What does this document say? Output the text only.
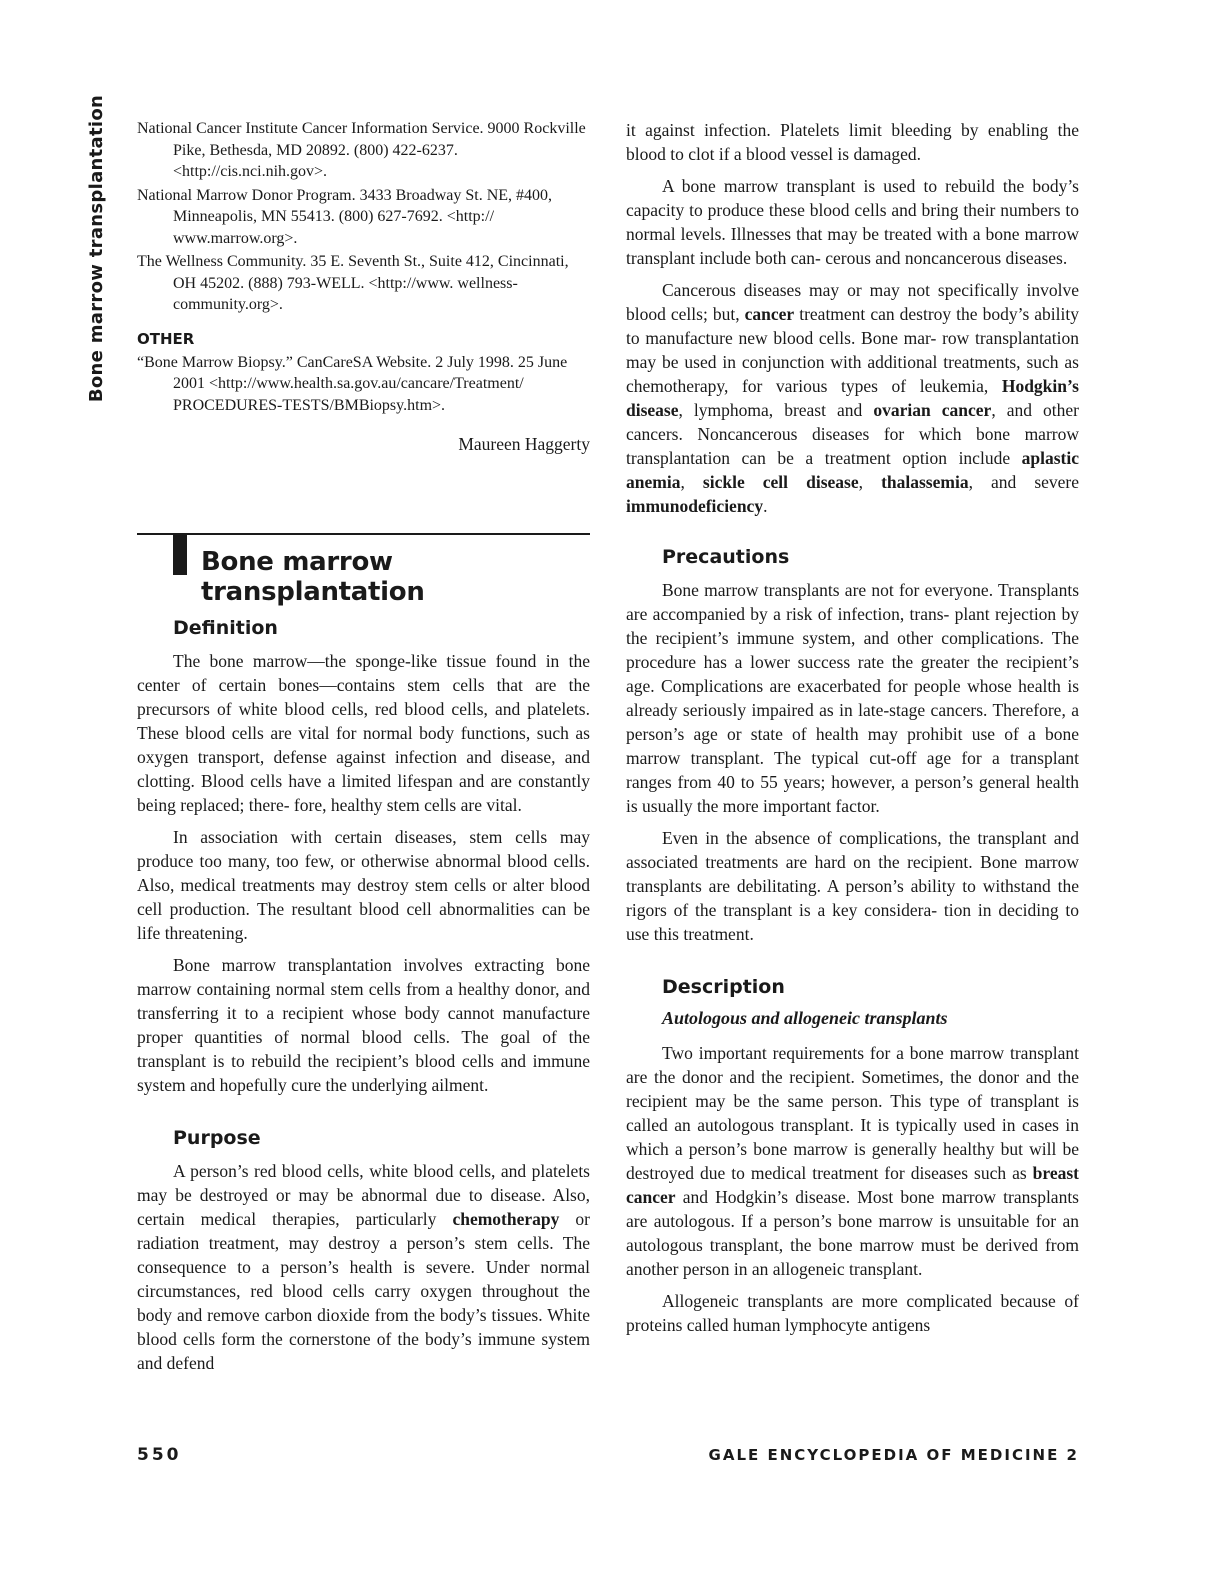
Bone marrow transplantation National Cancer Institute Cancer Information Service. 9000 Rockville Pike, Bethesda, MD 20892. (800) 422-6237. <http://cis.nci.nih.gov>.

National Marrow Donor Program. 3433 Broadway St. NE, #400, Minneapolis, MN 55413. (800) 627-7692. <http:// www.marrow.org>.

The Wellness Community. 35 E. Seventh St., Suite 412, Cincinnati, OH 45202. (888) 793-WELL. <http://www. wellness-community.org>.

OTHER

“Bone Marrow Biopsy.” CanCareSA Website. 2 July 1998. 25 June 2001 <http://www.health.sa.gov.au/cancare/Treatment/ PROCEDURES-TESTS/BMBiopsy.htm>.

Maureen Haggerty

Bone marrow transplantation
Definition

The bone marrow—the sponge-like tissue found in the center of certain bones—contains stem cells that are the precursors of white blood cells, red blood cells, and platelets. These blood cells are vital for normal body functions, such as oxygen transport, defense against infection and disease, and clotting. Blood cells have a limited lifespan and are constantly being replaced; there- fore, healthy stem cells are vital.

In association with certain diseases, stem cells may produce too many, too few, or otherwise abnormal blood cells. Also, medical treatments may destroy stem cells or alter blood cell production. The resultant blood cell abnormalities can be life threatening.

Bone marrow transplantation involves extracting bone marrow containing normal stem cells from a healthy donor, and transferring it to a recipient whose body cannot manufacture proper quantities of normal blood cells. The goal of the transplant is to rebuild the recipient’s blood cells and immune system and hopefully cure the underlying ailment.

Purpose

A person’s red blood cells, white blood cells, and platelets may be destroyed or may be abnormal due to disease. Also, certain medical therapies, particularly chemotherapy or radiation treatment, may destroy a person’s stem cells. The consequence to a person’s health is severe. Under normal circumstances, red blood cells carry oxygen throughout the body and remove carbon dioxide from the body’s tissues. White blood cells form the cornerstone of the body’s immune system and defend

it against infection. Platelets limit bleeding by enabling the blood to clot if a blood vessel is damaged.

A bone marrow transplant is used to rebuild the body’s capacity to produce these blood cells and bring their numbers to normal levels. Illnesses that may be treated with a bone marrow transplant include both can- cerous and noncancerous diseases.

Cancerous diseases may or may not specifically involve blood cells; but, cancer treatment can destroy the body’s ability to manufacture new blood cells. Bone mar- row transplantation may be used in conjunction with additional treatments, such as chemotherapy, for various types of leukemia, Hodgkin’s disease, lymphoma, breast and ovarian cancer, and other cancers. Noncancerous diseases for which bone marrow transplantation can be a treatment option include aplastic anemia, sickle cell disease, thalassemia, and severe immunodeficiency.

Precautions

Bone marrow transplants are not for everyone. Transplants are accompanied by a risk of infection, trans- plant rejection by the recipient’s immune system, and other complications. The procedure has a lower success rate the greater the recipient’s age. Complications are exacerbated for people whose health is already seriously impaired as in late-stage cancers. Therefore, a person’s age or state of health may prohibit use of a bone marrow transplant. The typical cut-off age for a transplant ranges from 40 to 55 years; however, a person’s general health is usually the more important factor.

Even in the absence of complications, the transplant and associated treatments are hard on the recipient. Bone marrow transplants are debilitating. A person’s ability to withstand the rigors of the transplant is a key considera- tion in deciding to use this treatment.

Description
Autologous and allogeneic transplants

Two important requirements for a bone marrow transplant are the donor and the recipient. Sometimes, the donor and the recipient may be the same person. This type of transplant is called an autologous transplant. It is typically used in cases in which a person’s bone marrow is generally healthy but will be destroyed due to medical treatment for diseases such as breast cancer and Hodgkin’s disease. Most bone marrow transplants are autologous. If a person’s bone marrow is unsuitable for an autologous transplant, the bone marrow must be derived from another person in an allogeneic transplant.

Allogeneic transplants are more complicated because of proteins called human lymphocyte antigens

550	GALE ENCYCLOPEDIA OF MEDICINE 2
